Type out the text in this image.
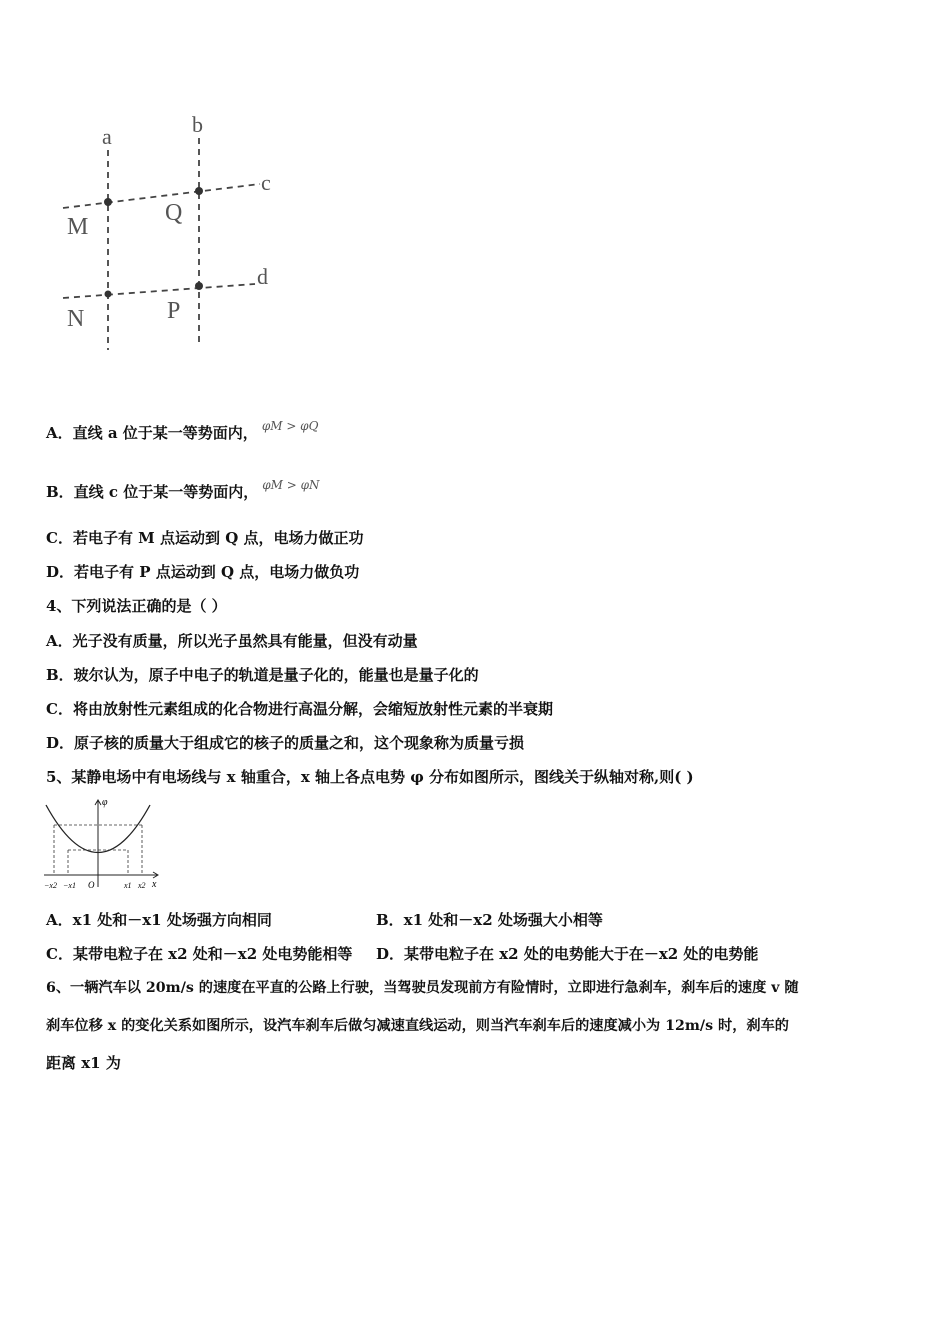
a	b
c
d
M
Q
N	P
A．直线 a 位于某一等势面内， $^{\varphi M > \varphi Q}$
B．直线 c 位于某一等势面内， $^{\varphi M > \varphi N}$
C．若电子有 M 点运动到 Q 点，电场力做正功
D．若电子有 P 点运动到 Q 点，电场力做负功
4、下列说法正确的是（ ）
A．光子没有质量，所以光子虽然具有能量，但没有动量
B．玻尔认为，原子中电子的轨道是量子化的，能量也是量子化的
C．将由放射性元素组成的化合物进行高温分解，会缩短放射性元素的半衰期
D．原子核的质量大于组成它的核子的质量之和，这个现象称为质量亏损
5、某静电场中有电场线与 x 轴重合，x 轴上各点电势 φ 分布如图所示，图线关于纵轴对称,则( )
φ
x
−x2 −x1 O	x1 x2
A．x1 处和－x1 处场强方向相同	B．x1 处和－x2 处场强大小相等
C．某带电粒子在 x2 处和－x2 处电势能相等 D．某带电粒子在 x2 处的电势能大于在－x2 处的电势能
6、一辆汽车以 20m/s 的速度在平直的公路上行驶，当驾驶员发现前方有险情时，立即进行急刹车，刹车后的速度 v 随
刹车位移 x 的变化关系如图所示，设汽车刹车后做匀减速直线运动，则当汽车刹车后的速度减小为 12m/s 时，刹车的
距离 x1 为
